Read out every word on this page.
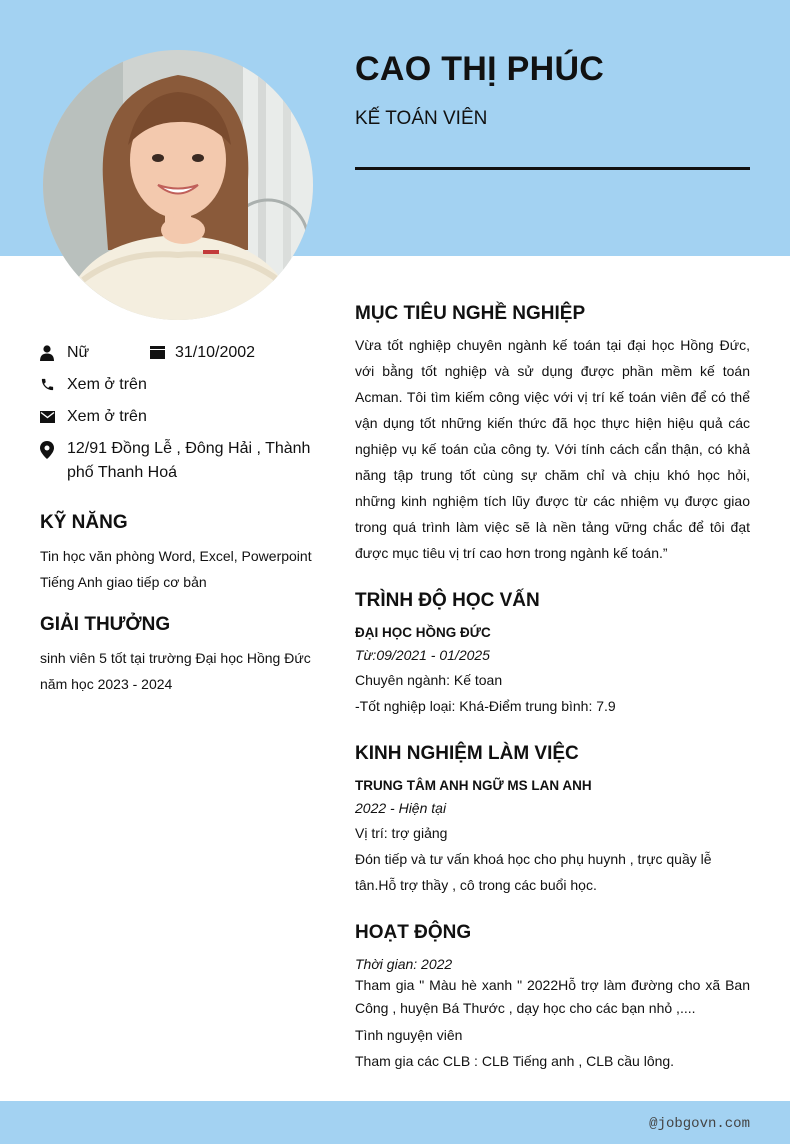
CAO THỊ PHÚC
KẾ TOÁN VIÊN
Nữ	31/10/2002
Xem ở trên
Xem ở trên
12/91 Đồng Lễ , Đông Hải , Thành phố Thanh Hoá
KỸ NĂNG
Tin học văn phòng Word, Excel, Powerpoint
Tiếng Anh giao tiếp cơ bản
GIẢI THƯỞNG
sinh viên 5 tốt tại trường Đại học Hồng Đức năm học 2023 - 2024
MỤC TIÊU NGHỀ NGHIỆP
Vừa tốt nghiệp chuyên ngành kế toán tại đại học Hồng Đức, với bằng tốt nghiệp và sử dụng được phần mềm kế toán Acman. Tôi tìm kiếm công việc với vị trí kế toán viên để có thể vận dụng tốt những kiến thức đã học thực hiện hiệu quả các nghiệp vụ kế toán của công ty. Với tính cách cẩn thận, có khả năng tập trung tốt cùng sự chăm chỉ và chịu khó học hỏi, những kinh nghiệm tích lũy được từ các nhiệm vụ được giao trong quá trình làm việc sẽ là nền tảng vững chắc để tôi đạt được mục tiêu vị trí cao hơn trong ngành kế toán.”
TRÌNH ĐỘ HỌC VẤN
ĐẠI HỌC HỒNG ĐỨC
Từ:09/2021 - 01/2025
Chuyên ngành: Kế toan
-Tốt nghiệp loại: Khá-Điểm trung bình: 7.9
KINH NGHIỆM LÀM VIỆC
TRUNG TÂM ANH NGỮ MS LAN ANH
2022 - Hiện tại
Vị trí: trợ giảng
Đón tiếp và tư vấn khoá học cho phụ huynh , trực quầy lễ tân.Hỗ trợ thầy , cô trong các buổi học.
HOẠT ĐỘNG
Thời gian: 2022
Tham gia " Màu hè xanh " 2022Hỗ trợ làm đường cho xã Ban Công , huyện Bá Thước , dạy học cho các bạn nhỏ ,....
Tình nguyện viên
Tham gia các CLB : CLB Tiếng anh , CLB cầu lông.
@jobgovn.com
